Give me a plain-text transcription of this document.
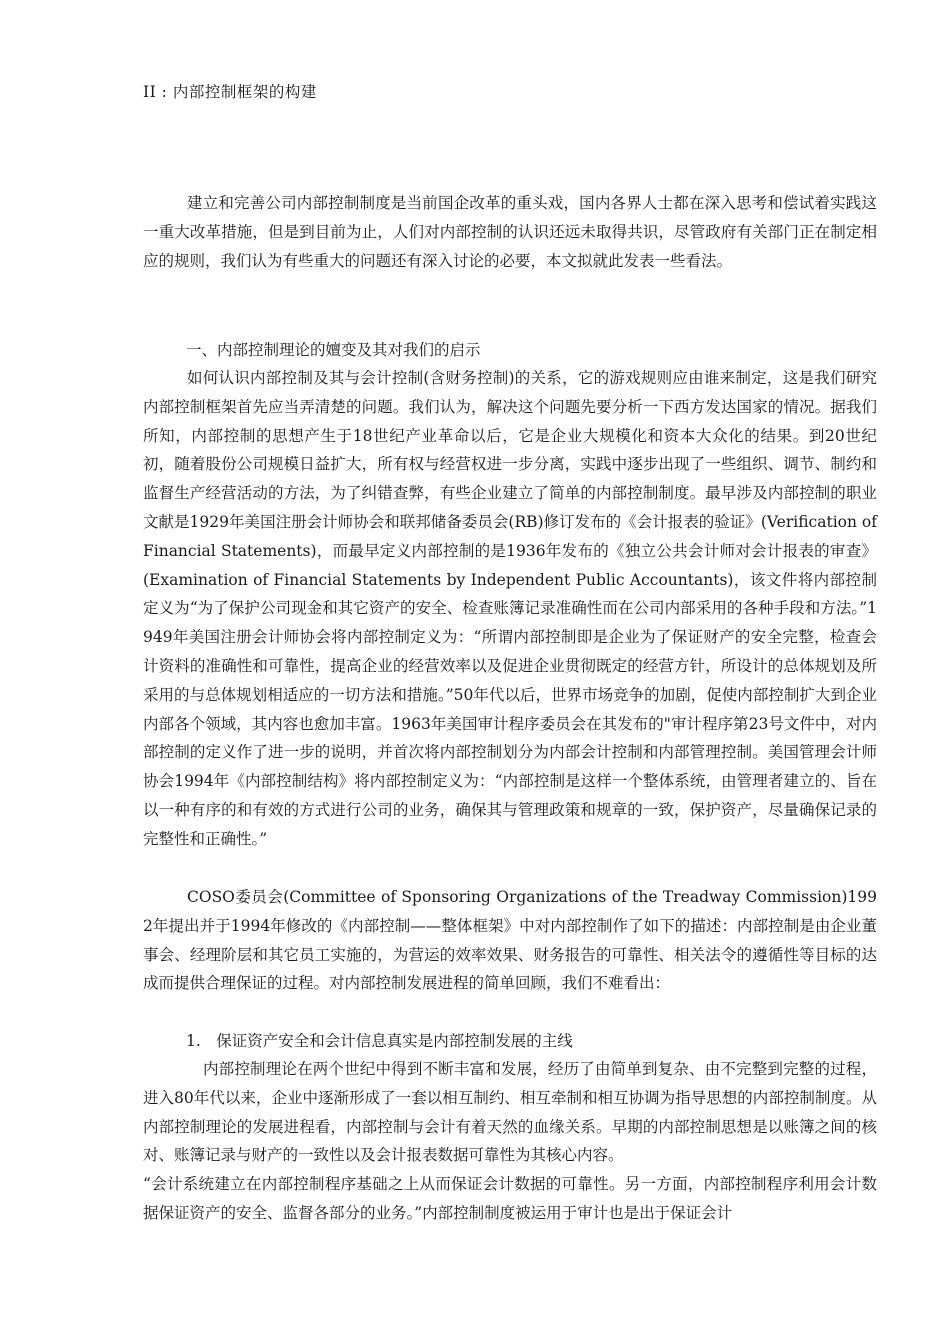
II : 内部控制框架的构建

建立和完善公司内部控制制度是当前国企改革的重头戏，国内各界人士都在深入思考和偿试着实践这一重大改革措施，但是到目前为止，人们对内部控制的认识还远未取得共识，尽管政府有关部门正在制定相应的规则，我们认为有些重大的问题还有深入讨论的必要，本文拟就此发表一些看法。

一、内部控制理论的嬗变及其对我们的启示

如何认识内部控制及其与会计控制(含财务控制)的关系，它的游戏规则应由谁来制定，这是我们研究内部控制框架首先应当弄清楚的问题。我们认为，解决这个问题先要分析一下西方发达国家的情况。据我们所知，内部控制的思想产生于18世纪产业革命以后，它是企业大规模化和资本大众化的结果。到20世纪初，随着股份公司规模日益扩大，所有权与经营权进一步分离，实践中逐步出现了一些组织、调节、制约和监督生产经营活动的方法，为了纠错查弊，有些企业建立了简单的内部控制制度。最早涉及内部控制的职业文献是1929年美国注册会计师协会和联邦储备委员会(RB)修订发布的《会计报表的验证》(Verification of Financial Statements)，而最早定义内部控制的是1936年发布的《独立公共会计师对会计报表的审查》(Examination of Financial Statements by Independent Public Accountants)，该文件将内部控制定义为“为了保护公司现金和其它资产的安全、检查账簿记录准确性而在公司内部采用的各种手段和方法。”1949年美国注册会计师协会将内部控制定义为：“所谓内部控制即是企业为了保证财产的安全完整，检查会计资料的准确性和可靠性，提高企业的经营效率以及促进企业贯彻既定的经营方针，所设计的总体规划及所采用的与总体规划相适应的一切方法和措施。”50年代以后，世界市场竞争的加剧，促使内部控制扩大到企业内部各个领域，其内容也愈加丰富。1963年美国审计程序委员会在其发布的"审计程序第23号文件中，对内部控制的定义作了进一步的说明，并首次将内部控制划分为内部会计控制和内部管理控制。美国管理会计师协会1994年《内部控制结构》将内部控制定义为：“内部控制是这样一个整体系统，由管理者建立的、旨在以一种有序的和有效的方式进行公司的业务，确保其与管理政策和规章的一致，保护资产，尽量确保记录的完整性和正确性。”

COSO委员会(Committee of Sponsoring Organizations of the Treadway Commission)1992年提出并于1994年修改的《内部控制——整体框架》中对内部控制作了如下的描述：内部控制是由企业董事会、经理阶层和其它员工实施的，为营运的效率效果、财务报告的可靠性、相关法令的遵循性等目标的达成而提供合理保证的过程。对内部控制发展进程的简单回顾，我们不难看出：

1.　保证资产安全和会计信息真实是内部控制发展的主线

内部控制理论在两个世纪中得到不断丰富和发展，经历了由简单到复杂、由不完整到完整的过程，进入80年代以来，企业中逐渐形成了一套以相互制约、相互牵制和相互协调为指导思想的内部控制制度。从内部控制理论的发展进程看，内部控制与会计有着天然的血缘关系。早期的内部控制思想是以账簿之间的核对、账簿记录与财产的一致性以及会计报表数据可靠性为其核心内容。

“会计系统建立在内部控制程序基础之上从而保证会计数据的可靠性。另一方面，内部控制程序利用会计数据保证资产的安全、监督各部分的业务。”内部控制制度被运用于审计也是出于保证会计
